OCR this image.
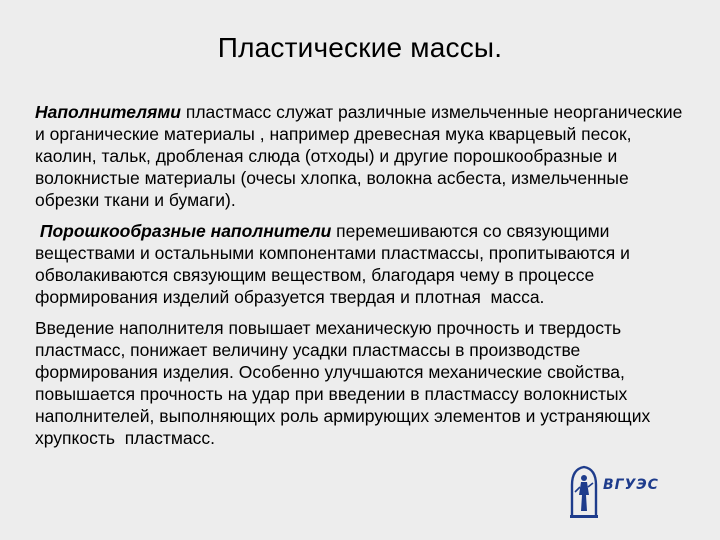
Пластические массы.

Наполнителями пластмасс служат различные измельченные неорганические и органические материалы , например древесная мука кварцевый песок, каолин, тальк, дробленая слюда (отходы) и другие порошкообразные и волокнистые материалы (очесы хлопка, волокна асбеста, измельченные обрезки ткани и бумаги).

Порошкообразные наполнители перемешиваются со связующими веществами и остальными компонентами пластмассы, пропитываются и обволакиваются связующим веществом, благодаря чему в процессе формирования изделий образуется твердая и плотная  масса.

Введение наполнителя повышает механическую прочность и твердость пластмасс, понижает величину усадки пластмассы в производстве формирования изделия. Особенно улучшаются механические свойства, повышается прочность на удар при введении в пластмассу волокнистых наполнителей, выполняющих роль армирующих элементов и устраняющих хрупкость  пластмасс.

ВГУЭС
